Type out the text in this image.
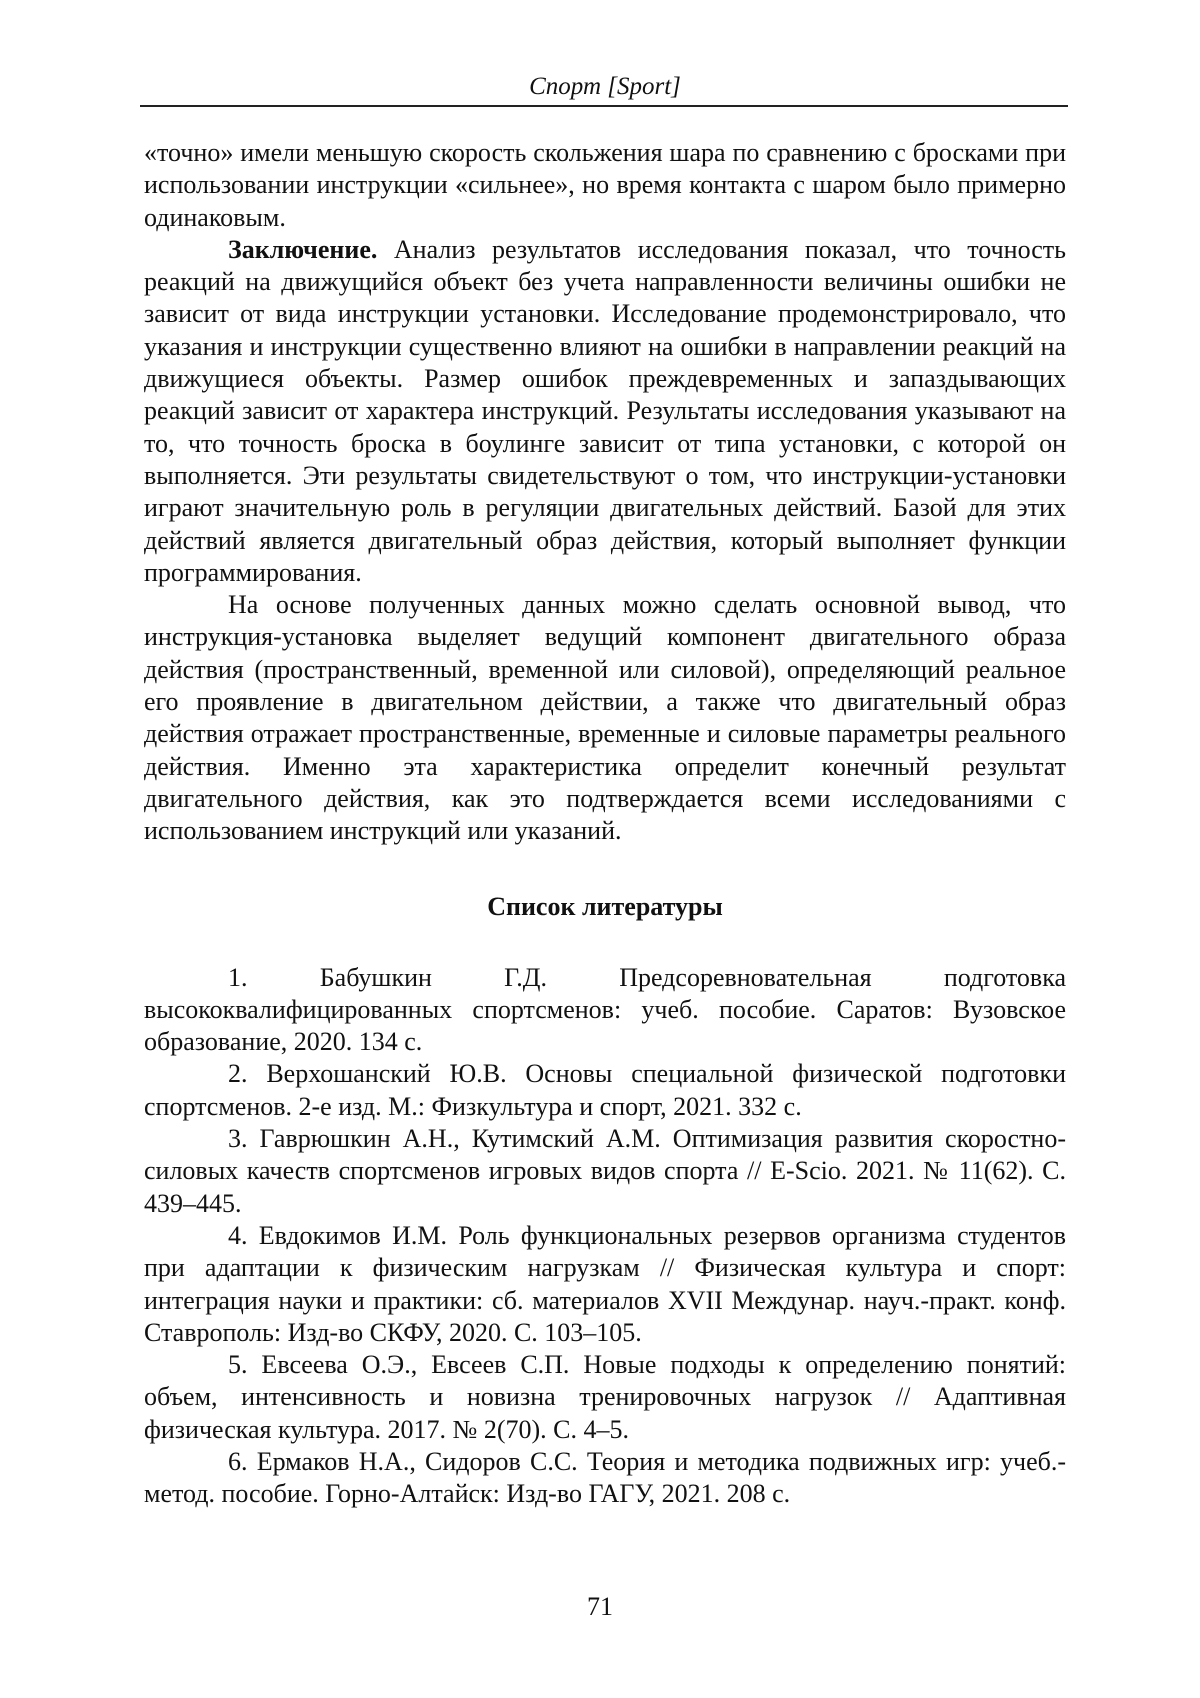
Спорт [Sport]

«точно» имели меньшую скорость скольжения шара по сравнению с бросками при использовании инструкции «сильнее», но время контакта с шаром было примерно одинаковым.

Заключение. Анализ результатов исследования показал, что точность реакций на движущийся объект без учета направленности величины ошибки не зависит от вида инструкции установки. Исследование продемонстрировало, что указания и инструкции существенно влияют на ошибки в направлении реакций на движущиеся объекты. Размер ошибок преждевременных и запаздывающих реакций зависит от характера инструкций. Результаты исследования указывают на то, что точность броска в боулинге зависит от типа установки, с которой он выполняется. Эти результаты свидетельствуют о том, что инструкции-установки играют значительную роль в регуляции двигательных действий. Базой для этих действий является двигательный образ действия, который выполняет функции программирования.

На основе полученных данных можно сделать основной вывод, что инструкция-установка выделяет ведущий компонент двигательного образа действия (пространственный, временной или силовой), определяющий реальное его проявление в двигательном действии, а также что двигательный образ действия отражает пространственные, временные и силовые параметры реального действия. Именно эта характеристика определит конечный результат двигательного действия, как это подтверждается всеми исследованиями с использованием инструкций или указаний.

Список литературы

1. Бабушкин Г.Д. Предсоревновательная подготовка высококвалифицированных спортсменов: учеб. пособие. Саратов: Вузовское образование, 2020. 134 с.

2. Верхошанский Ю.В. Основы специальной физической подготовки спортсменов. 2-е изд. М.: Физкультура и спорт, 2021. 332 с.

3. Гаврюшкин А.Н., Кутимский А.М. Оптимизация развития скоростно-силовых качеств спортсменов игровых видов спорта // E-Scio. 2021. № 11(62). С. 439–445.

4. Евдокимов И.М. Роль функциональных резервов организма студентов при адаптации к физическим нагрузкам // Физическая культура и спорт: интеграция науки и практики: сб. материалов XVII Междунар. науч.-практ. конф. Ставрополь: Изд-во СКФУ, 2020. С. 103–105.

5. Евсеева О.Э., Евсеев С.П. Новые подходы к определению понятий: объем, интенсивность и новизна тренировочных нагрузок // Адаптивная физическая культура. 2017. № 2(70). С. 4–5.

6. Ермаков Н.А., Сидоров С.С. Теория и методика подвижных игр: учеб.-метод. пособие. Горно-Алтайск: Изд-во ГАГУ, 2021. 208 с.

71
